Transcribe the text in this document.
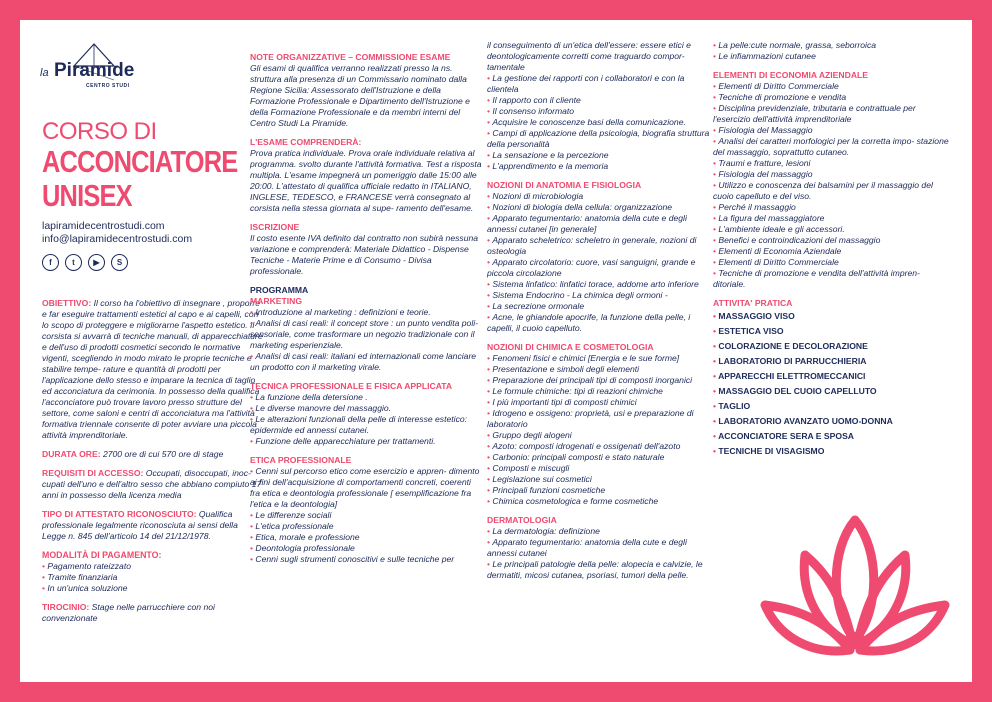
la Piramide
CENTRO STUDI
CORSO DI
ACCONCIATORE
UNISEX
lapiramidecentrostudi.com
info@lapiramidecentrostudi.com
f	t	▶	S

OBIETTIVO: Il corso ha l'obiettivo di insegnare , proporre e far eseguire trattamenti estetici al capo e ai capelli, con lo scopo di proteggere e migliorarne l'aspetto estetico. Il corsista si avvarrà di tecniche manuali, di apparecchiature e dell'uso di prodotti cosmetici secondo le normative vigenti, scegliendo in modo mirato le proprie tecniche e stabilire tempe- rature e quantità di prodotti per l'applicazione dello stesso e imparare la tecnica di taglio ed acconciatura da cerimonia. In possesso della qualifica l'acconciatore può trovare lavoro presso strutture del settore, come saloni e centri di acconciatura ma l'attività formativa triennale consente di poter avviare una piccola attività imprenditoriale.

DURATA ORE: 2700 ore di cui 570 ore di stage

REQUISITI DI ACCESSO: Occupati, disoccupati, inoc- cupati dell'uno e dell'altro sesso che abbiano compiuto 17 anni in possesso della licenza media

TIPO DI ATTESTATO RICONOSCIUTO: Qualifica professionale legalmente riconosciuta ai sensi della Legge n. 845 dell'articolo 14 del 21/12/1978.

MODALITÀ DI PAGAMENTO:

• Pagamento rateizzato
• Tramite finanziaria
• In un'unica soluzione

TIROCINIO: Stage nelle parrucchiere con noi convenzionate

NOTE ORGANIZZATIVE – COMMISSIONE ESAME

Gli esami di qualifica verranno realizzati presso la ns. struttura alla presenza di un Commissario nominato dalla Regione Sicilia: Assessorato dell'Istruzione e della Formazione Professionale e Dipartimento dell'Istruzione e della Formazione Professionale e da membri interni del Centro Studi La Piramide.

L'ESAME COMPRENDERÀ:

Prova pratica individuale. Prova orale individuale relativa al programma. svolto durante l'attività formativa. Test a risposta multipla. L'esame impegnerà un pomeriggio dalle 15:00 alle 20:00. L'attestato di qualifica ufficiale redatto in ITALIANO, INGLESE, TEDESCO, e FRANCESE verrà consegnato al corsista nella stessa giornata al supe- ramento dell'esame.

ISCRIZIONE

Il costo esente IVA definito dal contratto non subirà nessuna variazione e comprenderà: Materiale Didattico - Dispense Tecniche - Materie Prime e di Consumo - Divisa professionale.

PROGRAMMA

MARKETING

• Introduzione al marketing : definizioni e teorie.
• Analisi di casi reali: il concept store : un punto vendita poli-sensoriale, come trasformare un negozio tradizionale con il marketing esperienziale.
• Analisi di casi reali: italiani ed internazionali come lanciare un prodotto con il marketing virale.

TECNICA PROFESSIONALE E FISICA APPLICATA

• La funzione della detersione .
• Le diverse manovre del massaggio.
• Le alterazioni funzionali della pelle di interesse estetico: epidermide ed annessi cutanei.
• Funzione delle apparecchiature per trattamenti.

ETICA PROFESSIONALE

• Cenni sul percorso etico come esercizio e appren- dimento ai fini dell'acquisizione di comportamenti concreti, coerenti fra etica e deontologia professionale [ esemplificazione fra l'etica e la deontologia]
• Le differenze sociali
• L'etica professionale
• Etica, morale e professione
• Deontologia professionale
• Cenni sugli strumenti conoscitivi e sulle tecniche per

il conseguimento di un'etica dell'essere: essere etici e deontologicamente corretti come traguardo compor- tamentale

• La gestione dei rapporti con i collaboratori e con la clientela
• Il rapporto con il cliente
• Il consenso informato
• Acquisire le conoscenze basi della comunicazione.
• Campi di applicazione della psicologia, biografia struttura della personalità
• La sensazione e la percezione
• L'apprendimento e la memoria

NOZIONI DI ANATOMIA E FISIOLOGIA

• Nozioni di microbiologia
• Nozioni di biologia della cellula: organizzazione
• Apparato tegumentario: anatomia della cute e degli annessi cutanei [in generale]
• Apparato scheletrico: scheletro in generale, nozioni di osteologia
• Apparato circolatorio: cuore, vasi sanguigni, grande e piccola circolazione
• Sistema linfatico: linfatici torace, addome arto inferiore
• Sistema Endocrino - La chimica degli ormoni -
• La secrezione ormonale
• Acne, le ghiandole apocrife, la funzione della pelle, i capelli, il cuoio capelluto.

NOZIONI DI CHIMICA E COSMETOLOGIA

• Fenomeni fisici e chimici [Energia e le sue forme]
• Presentazione e simboli degli elementi
• Preparazione dei principali tipi di composti inorganici
• Le formule chimiche: tipi di reazioni chimiche
• I più importanti tipi di composti chimici
• Idrogeno e ossigeno: proprietà, usi e preparazione di laboratorio
• Gruppo degli alogeni
• Azoto: composti idrogenati e ossigenati dell'azoto
• Carbonio: principali composti e stato naturale
• Composti e miscugli
• Legislazione sui cosmetici
• Principali funzioni cosmetiche
• Chimica cosmetologica e forme cosmetiche

DERMATOLOGIA

• La dermatologia: definizione
• Apparato tegumentario: anatomia della cute e degli annessi cutanei
• Le principali patologie della pelle: alopecia e calvizie, le dermatiti, micosi cutanea, psoriasi, tumori della pelle.
• La pelle:cute normale, grassa, seborroica
• Le infiammazioni cutanee

ELEMENTI DI ECONOMIA AZIENDALE

• Elementi di Diritto Commerciale
• Tecniche di promozione e vendita
• Disciplina previdenziale, tributaria e contrattuale per l'esercizio dell'attività imprenditoriale
• Fisiologia del Massaggio
• Analisi dei caratteri morfologici per la corretta impo- stazione del massaggio, soprattutto cutaneo.
• Traumi e fratture, lesioni
• Fisiologia del massaggio
• Utilizzo e conoscenza dei balsamini per il massaggio del cuoio capelluto e del viso.
• Perché il massaggio
• La figura del massaggiatore
• L'ambiente ideale e gli accessori.
• Benefici e controindicazioni del massaggio
• Elementi di Economia Aziendale
• Elementi di Diritto Commerciale
• Tecniche di promozione e vendita dell'attività impren- ditoriale.

ATTIVITA' PRATICA

• MASSAGGIO VISO
• ESTETICA VISO
• COLORAZIONE E DECOLORAZIONE
• LABORATORIO DI PARRUCCHIERIA
• APPARECCHI ELETTROMECCANICI
• MASSAGGIO DEL CUOIO CAPELLUTO
• TAGLIO
• LABORATORIO AVANZATO UOMO-DONNA
• ACCONCIATORE SERA E SPOSA
• TECNICHE DI VISAGISMO
